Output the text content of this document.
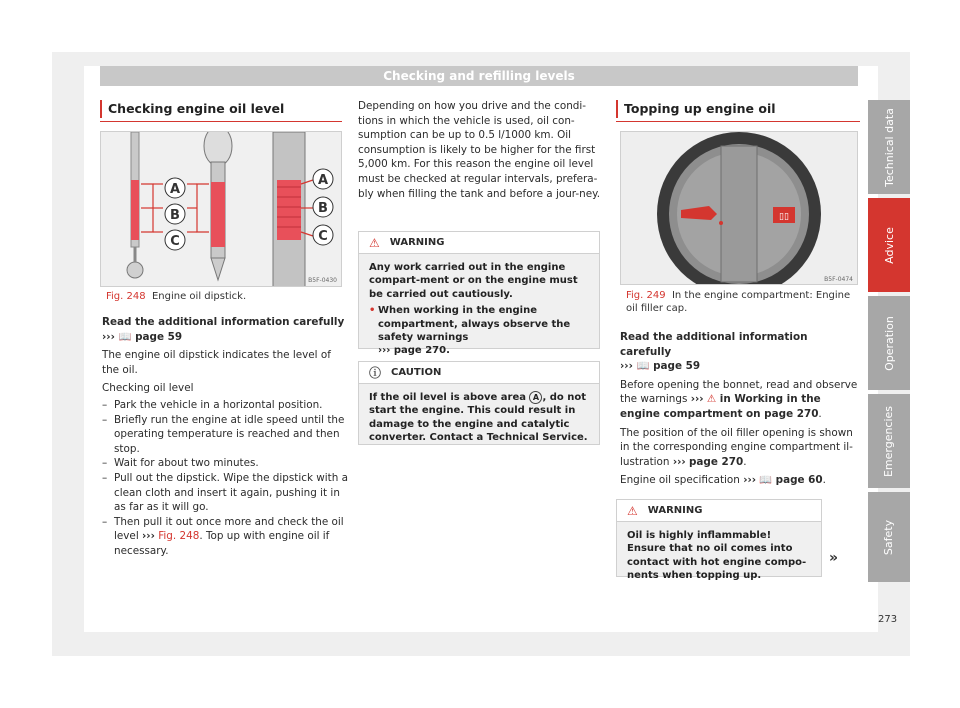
Checking and refilling levels
Checking engine oil level
A
B
C
A
B
C
B5F-0430
Fig. 248 Engine oil dipstick.

Read the additional information carefully
››› 📖 page 59

The engine oil dipstick indicates the level of the oil.

Checking oil level

– Park the vehicle in a horizontal position.
– Briefly run the engine at idle speed until the operating temperature is reached and then stop.
– Wait for about two minutes.
– Pull out the dipstick. Wipe the dipstick with a clean cloth and insert it again, pushing it in as far as it will go.
– Then pull it out once more and check the oil level ››› Fig. 248. Top up with engine oil if necessary.
Depending on how you drive and the condi-tions in which the vehicle is used, oil con-sumption can be up to 0.5 l/1000 km. Oil consumption is likely to be higher for the first 5,000 km. For this reason the engine oil level must be checked at regular intervals, prefera-bly when filling the tank and before a jour-ney.
⚠ WARNING
Any work carried out in the engine compart-ment or on the engine must be carried out cautiously.
• When working in the engine compartment, always observe the safety warnings
››› page 270.
ⓘ CAUTION
If the oil level is above area A , do not start the engine. This could result in damage to the engine and catalytic converter. Contact a Technical Service.
Topping up engine oil
▯▯
B5F-0474
Fig. 249 In the engine compartment: Engine oil filler cap.

Read the additional information carefully
››› 📖 page 59

Before opening the bonnet, read and observe the warnings ››› ⚠ in Working in the engine compartment on page 270.

The position of the oil filler opening is shown in the corresponding engine compartment il-lustration ››› page 270.

Engine oil specification ››› 📖 page 60.

⚠ WARNING
Oil is highly inflammable! Ensure that no oil comes into contact with hot engine compo-nents when topping up.
»
Technical data
Advice
Operation
Emergencies
Safety
273
